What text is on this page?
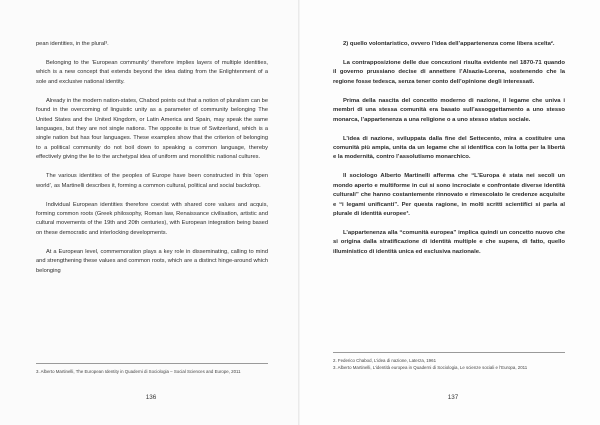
pean identities, in the plural³.

Belonging to the ‘European community’ therefore implies layers of multiple identities, which is a new concept that extends beyond the idea dating from the Enlightenment of a sole and exclusive national identity.

Already in the modern nation-states, Chabod points out that a notion of pluralism can be found in the overcoming of linguistic unity as a parameter of community belonging The United States and the United Kingdom, or Latin America and Spain, may speak the same languages, but they are not single nations. The opposite is true of Switzerland, which is a single nation but has four languages. These examples show that the criterion of belonging to a political community do not boil down to speaking a common language, thereby effectively giving the lie to the archetypal idea of uniform and monolithic national cultures.

The various identities of the peoples of Europe have been constructed in this ‘open world’, as Martinelli describes it, forming a common cultural, political and social backdrop.

Individual European identities therefore coexist with shared core values and acquis, forming common roots (Greek philosophy, Roman law, Renaissance civilisation, artistic and cultural movements of the 19th and 20th centuries), with European integration being based on these democratic and interlocking developments.

At a European level, commemoration plays a key role in disseminating, calling to mind and strengthening these values and common roots, which are a distinct hinge-around which belonging

3. Alberto Martinelli, The European Identity in Quaderni di Sociologia – Social Sciences and Europe, 2011
136

2) quello volontaristico, ovvero l’idea dell’appartenenza come libera scelta².

La contrapposizione delle due concezioni risulta evidente nel 1870-71 quando il governo prussiano decise di annettere l’Alsazia-Lorena, sostenendo che la regione fosse tedesca, senza tener conto dell’opinione degli interessati.

Prima della nascita del concetto moderno di nazione, il legame che univa i membri di una stessa comunità era basato sull’assoggettamento a uno stesso monarca, l’appartenenza a una religione o a uno stesso status sociale.

L’idea di nazione, sviluppata dalla fine del Settecento, mira a costituire una comunità più ampia, unita da un legame che si identifica con la lotta per la libertà e la modernità, contro l’assolutismo monarchico.

Il sociologo Alberto Martinelli afferma che “L’Europa è stata nei secoli un mondo aperto e multiforme in cui si sono incrociate e confrontate diverse identità culturali” che hanno costantemente rinnovato e rimescolato le credenze acquisite e “i legami unificanti”. Per questa ragione, in molti scritti scientifici si parla al plurale di identità europee³.

L’appartenenza alla “comunità europea” implica quindi un concetto nuovo che si origina dalla stratificazione di identità multiple e che supera, di fatto, quello illuministico di identità unica ed esclusiva nazionale.

2. Federico Chabod, L’idea di nazione, Laterza, 1961
3. Alberto Martinelli, L’identità europea in Quaderni di Sociologia, Le scienze sociali e l’Europa, 2011
137
